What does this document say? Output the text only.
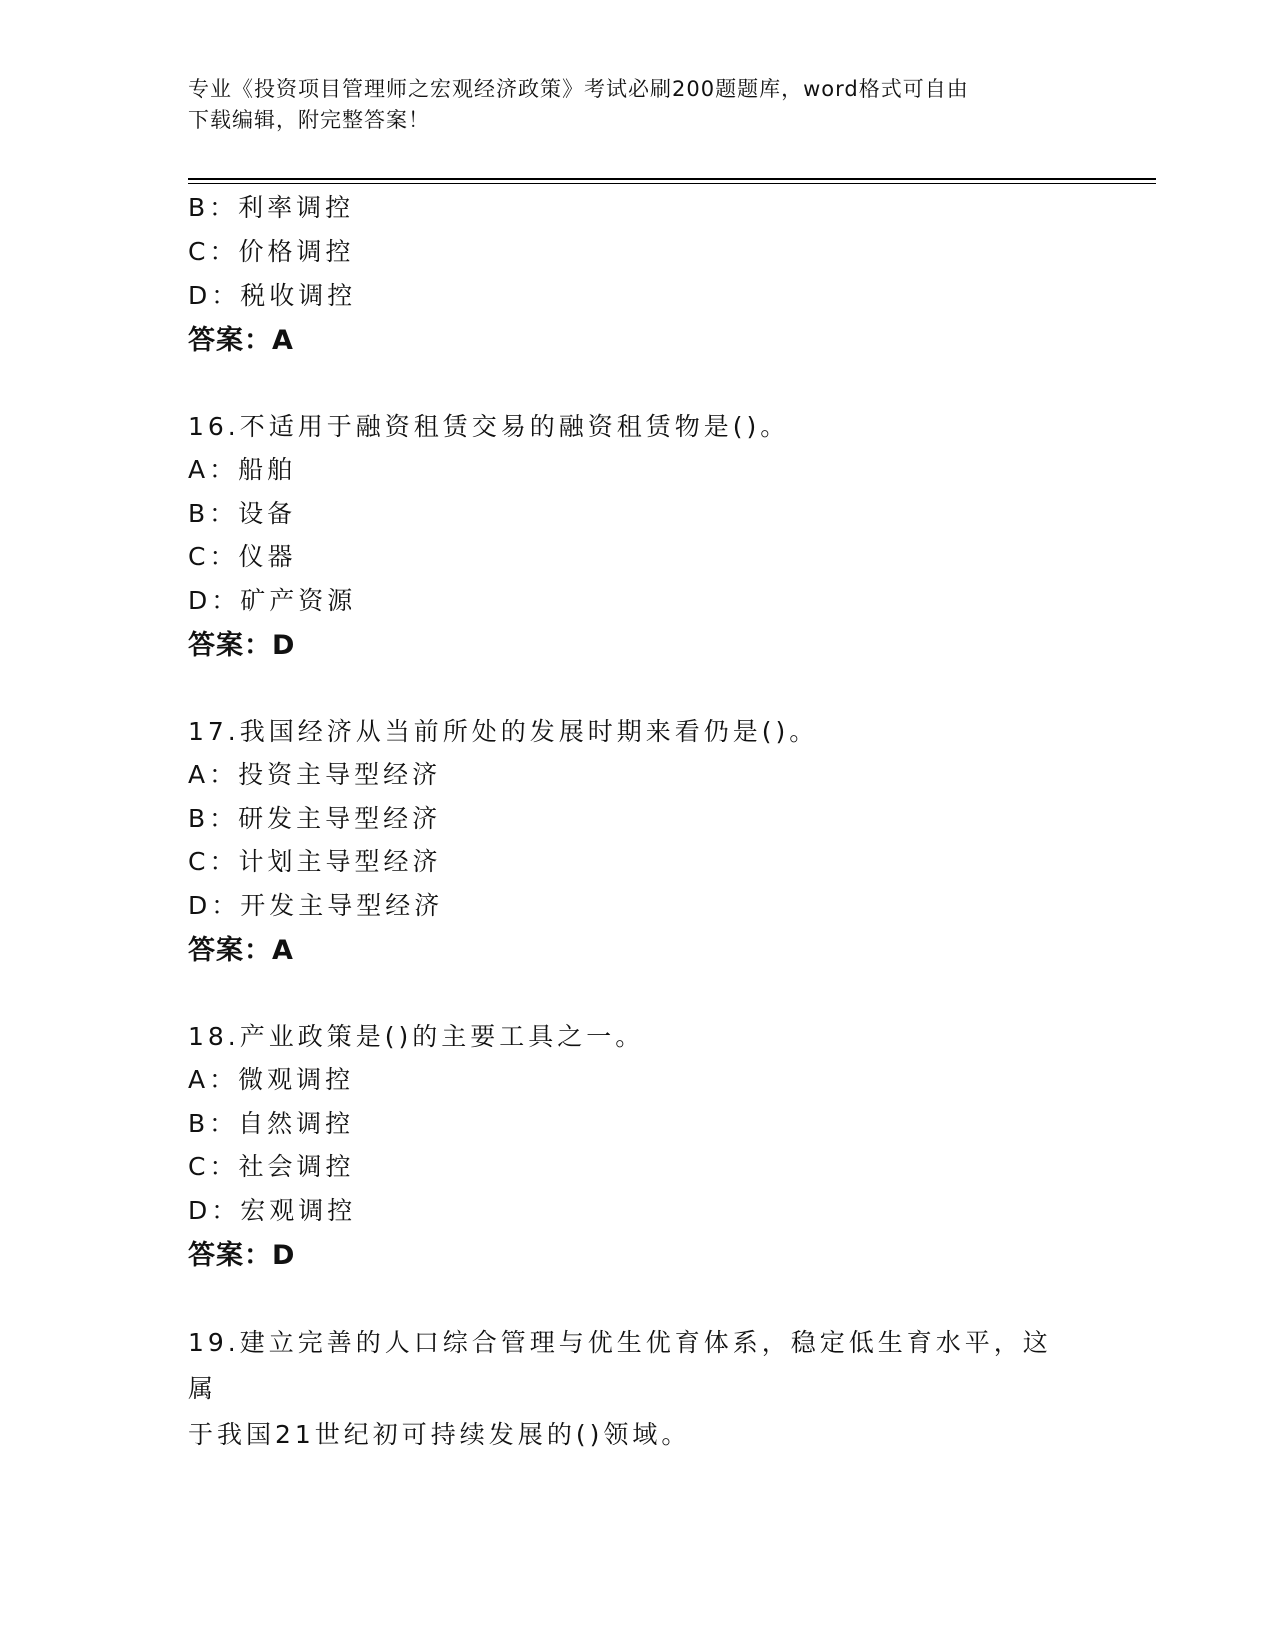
专业《投资项目管理师之宏观经济政策》考试必刷200题题库，word格式可自由
下载编辑，附完整答案！
B：利率调控
C：价格调控
D：税收调控
答案：A
16.不适用于融资租赁交易的融资租赁物是()。
A：船舶
B：设备
C：仪器
D：矿产资源
答案：D
17.我国经济从当前所处的发展时期来看仍是()。
A：投资主导型经济
B：研发主导型经济
C：计划主导型经济
D：开发主导型经济
答案：A
18.产业政策是()的主要工具之一。
A：微观调控
B：自然调控
C：社会调控
D：宏观调控
答案：D
19.建立完善的人口综合管理与优生优育体系，稳定低生育水平，这属
于我国21世纪初可持续发展的()领域。
